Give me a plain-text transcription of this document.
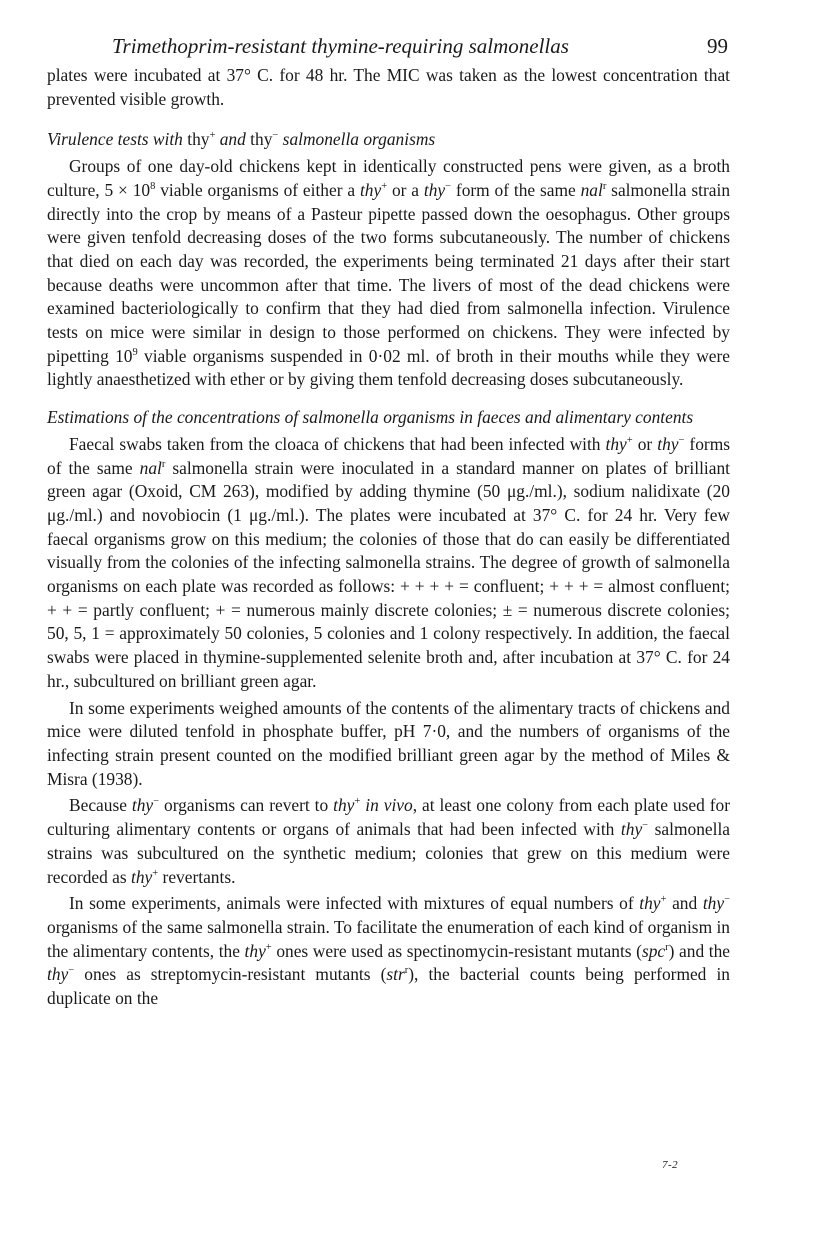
Trimethoprim-resistant thymine-requiring salmonellas	99

plates were incubated at 37° C. for 48 hr. The MIC was taken as the lowest concentration that prevented visible growth.

Virulence tests with thy+ and thy− salmonella organisms

Groups of one day-old chickens kept in identically constructed pens were given, as a broth culture, $5 \times 10^8$ viable organisms of either a thy+ or a thy− form of the same nal$^r$ salmonella strain directly into the crop by means of a Pasteur pipette passed down the oesophagus. Other groups were given tenfold decreasing doses of the two forms subcutaneously. The number of chickens that died on each day was recorded, the experiments being terminated 21 days after their start because deaths were uncommon after that time. The livers of most of the dead chickens were examined bacteriologically to confirm that they had died from salmonella infection. Virulence tests on mice were similar in design to those performed on chickens. They were infected by pipetting $10^9$ viable organisms suspended in 0·02 ml. of broth in their mouths while they were lightly anaesthetized with ether or by giving them tenfold decreasing doses subcutaneously.

Estimations of the concentrations of salmonella organisms in faeces and alimentary contents

Faecal swabs taken from the cloaca of chickens that had been infected with thy+ or thy− forms of the same nal$^r$ salmonella strain were inoculated in a standard manner on plates of brilliant green agar (Oxoid, CM 263), modified by adding thymine (50 μg./ml.), sodium nalidixate (20 μg./ml.) and novobiocin (1 μg./ml.). The plates were incubated at 37° C. for 24 hr. Very few faecal organisms grow on this medium; the colonies of those that do can easily be differentiated visually from the colonies of the infecting salmonella strains. The degree of growth of salmonella organisms on each plate was recorded as follows: + + + + = confluent; + + + = almost confluent; + + = partly confluent; + = numerous mainly discrete colonies; ± = numerous discrete colonies; 50, 5, 1 = approximately 50 colonies, 5 colonies and 1 colony respectively. In addition, the faecal swabs were placed in thymine-supplemented selenite broth and, after incubation at 37° C. for 24 hr., subcultured on brilliant green agar.

In some experiments weighed amounts of the contents of the alimentary tracts of chickens and mice were diluted tenfold in phosphate buffer, pH 7·0, and the numbers of organisms of the infecting strain present counted on the modified brilliant green agar by the method of Miles & Misra (1938).

Because thy− organisms can revert to thy+ in vivo, at least one colony from each plate used for culturing alimentary contents or organs of animals that had been infected with thy− salmonella strains was subcultured on the synthetic medium; colonies that grew on this medium were recorded as thy+ revertants.

In some experiments, animals were infected with mixtures of equal numbers of thy+ and thy− organisms of the same salmonella strain. To facilitate the enumeration of each kind of organism in the alimentary contents, the thy+ ones were used as spectinomycin-resistant mutants (spc$^r$) and the thy− ones as streptomycin-resistant mutants (str$^r$), the bacterial counts being performed in duplicate on the

7-2
